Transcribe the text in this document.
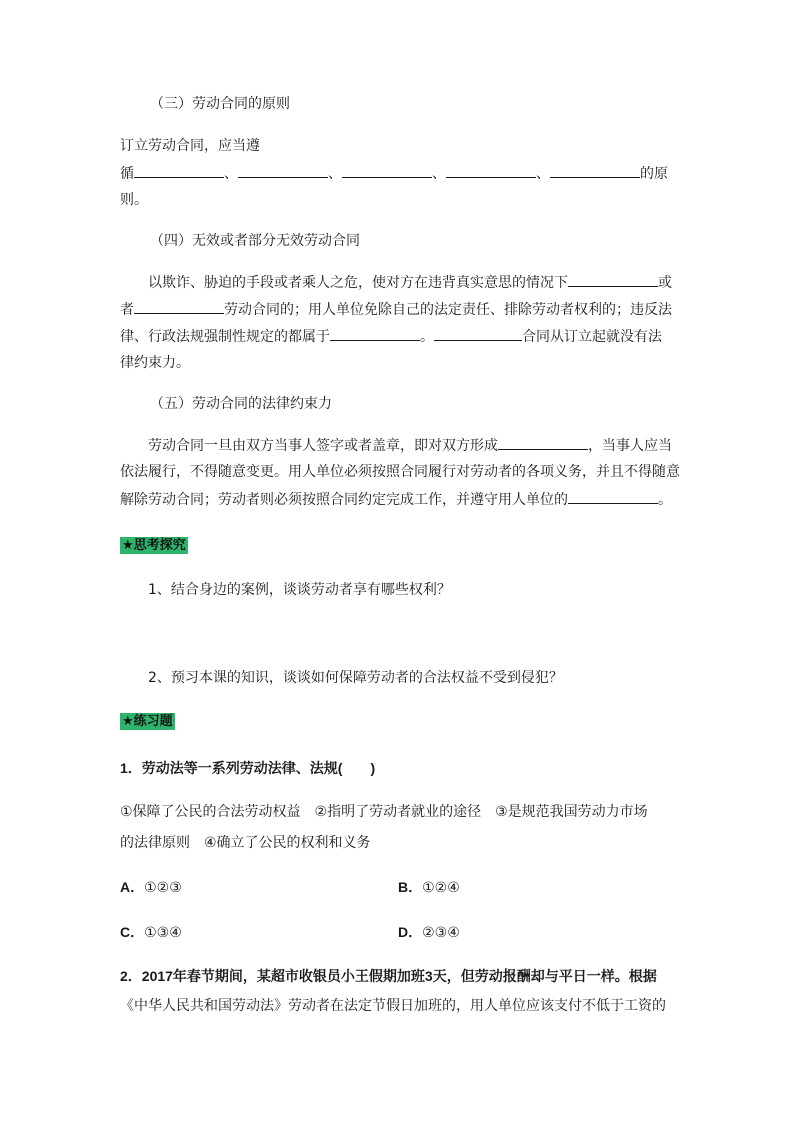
（三）劳动合同的原则
订立劳动合同，应当遵
循	、	、	、	、	的原
则。
（四）无效或者部分无效劳动合同
以欺诈、胁迫的手段或者乘人之危，使对方在违背真实意思的情况下	或
者	劳动合同的；用人单位免除自己的法定责任、排除劳动者权利的；违反法
律、行政法规强制性规定的都属于	。	合同从订立起就没有法
律约束力。
（五）劳动合同的法律约束力
劳动合同一旦由双方当事人签字或者盖章，即对双方形成	，当事人应当
依法履行，不得随意变更。用人单位必须按照合同履行对劳动者的各项义务，并且不得随意
解除劳动合同；劳动者则必须按照合同约定完成工作，并遵守用人单位的	。
★思考探究
1、结合身边的案例，谈谈劳动者享有哪些权利？
2、预习本课的知识，谈谈如何保障劳动者的合法权益不受到侵犯？
★练习题
1．劳动法等一系列劳动法律、法规(　　)
①保障了公民的合法劳动权益　②指明了劳动者就业的途径　③是规范我国劳动力市场
的法律原则　④确立了公民的权利和义务
A．①②③	B．①②④
C．①③④	D．②③④
2．2017年春节期间，某超市收银员小王假期加班3天，但劳动报酬却与平日一样。根据
《中华人民共和国劳动法》劳动者在法定节假日加班的，用人单位应该支付不低于工资的
